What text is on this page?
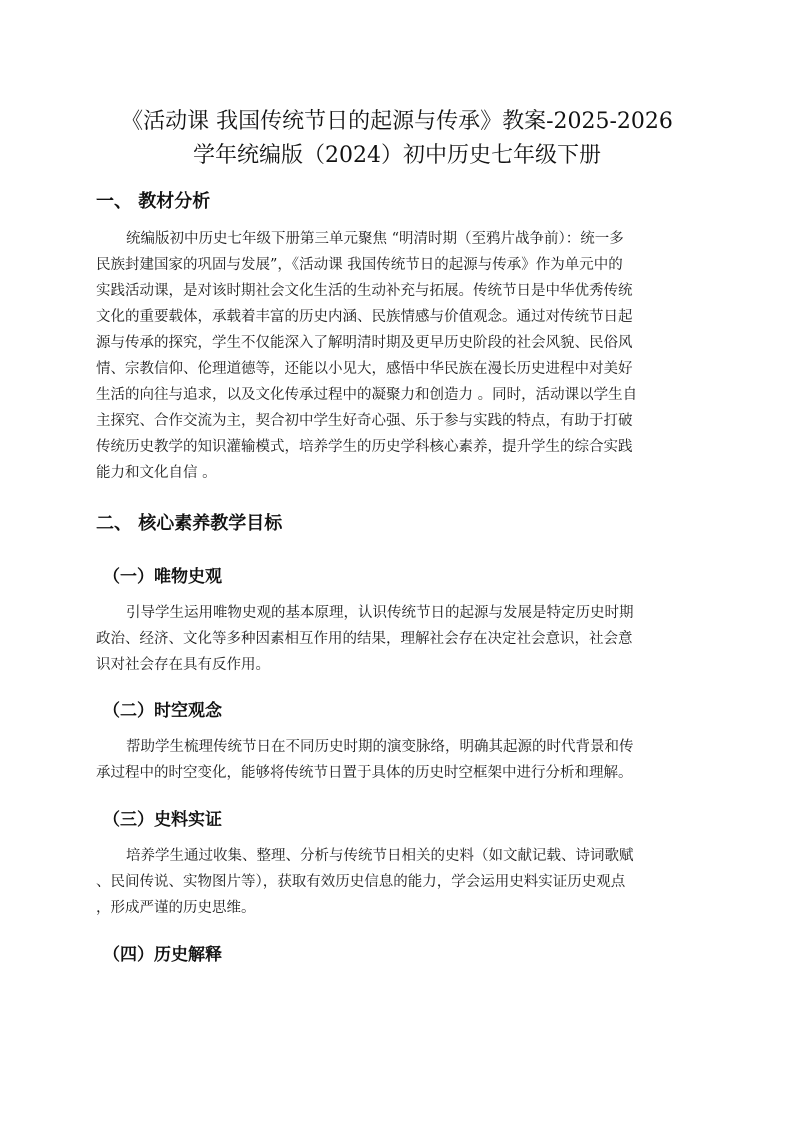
《活动课 我国传统节日的起源与传承》教案-2025-2026
学年统编版（2024）初中历史七年级下册
一、 教材分析
统编版初中历史七年级下册第三单元聚焦 “明清时期（至鸦片战争前）：统一多
民族封建国家的巩固与发展”，《活动课 我国传统节日的起源与传承》作为单元中的
实践活动课，是对该时期社会文化生活的生动补充与拓展。传统节日是中华优秀传统
文化的重要载体，承载着丰富的历史内涵、民族情感与价值观念。通过对传统节日起
源与传承的探究，学生不仅能深入了解明清时期及更早历史阶段的社会风貌、民俗风
情、宗教信仰、伦理道德等，还能以小见大，感悟中华民族在漫长历史进程中对美好
生活的向往与追求，以及文化传承过程中的凝聚力和创造力 。同时，活动课以学生自
主探究、合作交流为主，契合初中学生好奇心强、乐于参与实践的特点，有助于打破
传统历史教学的知识灌输模式，培养学生的历史学科核心素养，提升学生的综合实践
能力和文化自信 。
二、 核心素养教学目标
（一）唯物史观
引导学生运用唯物史观的基本原理，认识传统节日的起源与发展是特定历史时期
政治、经济、文化等多种因素相互作用的结果，理解社会存在决定社会意识，社会意
识对社会存在具有反作用。
（二）时空观念
帮助学生梳理传统节日在不同历史时期的演变脉络，明确其起源的时代背景和传
承过程中的时空变化，能够将传统节日置于具体的历史时空框架中进行分析和理解。
（三）史料实证
培养学生通过收集、整理、分析与传统节日相关的史料（如文献记载、诗词歌赋
、民间传说、实物图片等），获取有效历史信息的能力，学会运用史料实证历史观点
，形成严谨的历史思维。
（四）历史解释
